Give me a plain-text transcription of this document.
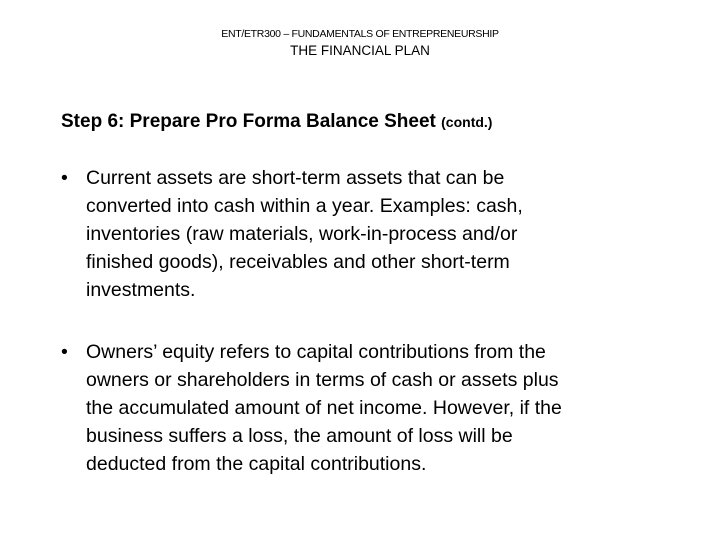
ENT/ETR300 – FUNDAMENTALS OF ENTREPRENEURSHIP
THE FINANCIAL PLAN
Step 6: Prepare Pro Forma Balance Sheet (contd.)
• Current assets are short-term assets that can be
converted into cash within a year. Examples: cash,
inventories (raw materials, work-in-process and/or
finished goods), receivables and other short-term
investments.
• Owners’ equity refers to capital contributions from the
owners or shareholders in terms of cash or assets plus
the accumulated amount of net income. However, if the
business suffers a loss, the amount of loss will be
deducted from the capital contributions.
